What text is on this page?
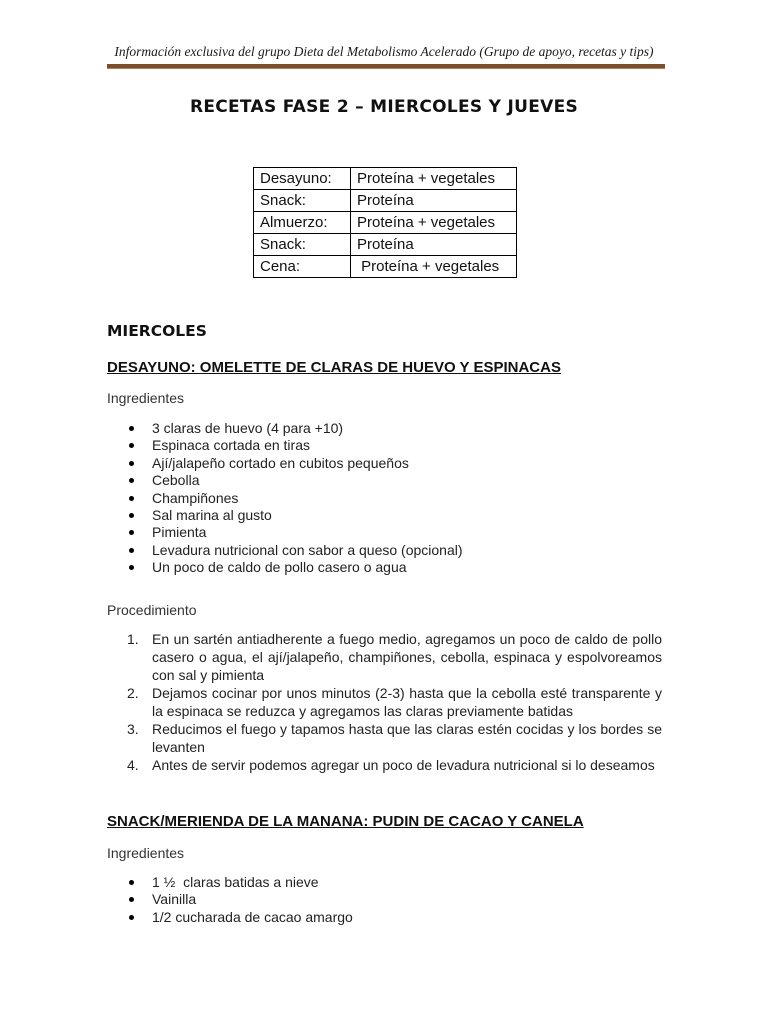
Información exclusiva del grupo Dieta del Metabolismo Acelerado (Grupo de apoyo, recetas y tips)
RECETAS FASE 2 – MIERCOLES Y JUEVES
Desayuno:	Proteína + vegetales
Snack:	Proteína
Almuerzo:	Proteína + vegetales
Snack:	Proteína
Cena:	Proteína + vegetales
MIERCOLES
DESAYUNO: OMELETTE DE CLARAS DE HUEVO Y ESPINACAS
Ingredientes
3 claras de huevo (4 para +10)
Espinaca cortada en tiras
Ají/jalapeño cortado en cubitos pequeños
Cebolla
Champiñones
Sal marina al gusto
Pimienta
Levadura nutricional con sabor a queso (opcional)
Un poco de caldo de pollo casero o agua
Procedimiento
En un sartén antiadherente a fuego medio, agregamos un poco de caldo de pollo casero o agua, el ají/jalapeño, champiñones, cebolla, espinaca y espolvoreamos con sal y pimienta
Dejamos cocinar por unos minutos (2-3) hasta que la cebolla esté transparente y la espinaca se reduzca y agregamos las claras previamente batidas
Reducimos el fuego y tapamos hasta que las claras estén cocidas y los bordes se levanten
Antes de servir podemos agregar un poco de levadura nutricional si lo deseamos
SNACK/MERIENDA DE LA MANANA: PUDIN DE CACAO Y CANELA
Ingredientes
1 ½  claras batidas a nieve
Vainilla
1/2 cucharada de cacao amargo
